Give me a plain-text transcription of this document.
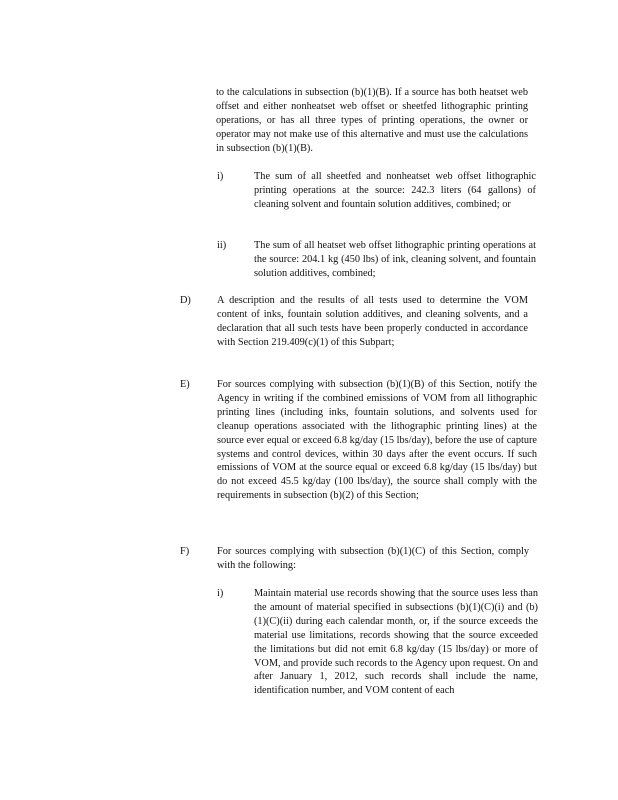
to the calculations in subsection (b)(1)(B). If a source has both heatset web offset and either nonheatset web offset or sheetfed lithographic printing operations, or has all three types of printing operations, the owner or operator may not make use of this alternative and must use the calculations in subsection (b)(1)(B).

i)	The sum of all sheetfed and nonheatset web offset lithographic printing operations at the source: 242.3 liters (64 gallons) of cleaning solvent and fountain solution additives, combined; or

ii)	The sum of all heatset web offset lithographic printing operations at the source: 204.1 kg (450 lbs) of ink, cleaning solvent, and fountain solution additives, combined;

D)	A description and the results of all tests used to determine the VOM content of inks, fountain solution additives, and cleaning solvents, and a declaration that all such tests have been properly conducted in accordance with Section 219.409(c)(1) of this Subpart;

E)	For sources complying with subsection (b)(1)(B) of this Section, notify the Agency in writing if the combined emissions of VOM from all lithographic printing lines (including inks, fountain solutions, and solvents used for cleanup operations associated with the lithographic printing lines) at the source ever equal or exceed 6.8 kg/day (15 lbs/day), before the use of capture systems and control devices, within 30 days after the event occurs. If such emissions of VOM at the source equal or exceed 6.8 kg/day (15 lbs/day) but do not exceed 45.5 kg/day (100 lbs/day), the source shall comply with the requirements in subsection (b)(2) of this Section;

F)	For sources complying with subsection (b)(1)(C) of this Section, comply with the following:

i)	Maintain material use records showing that the source uses less than the amount of material specified in subsections (b)(1)(C)(i) and (b)(1)(C)(ii) during each calendar month, or, if the source exceeds the material use limitations, records showing that the source exceeded the limitations but did not emit 6.8 kg/day (15 lbs/day) or more of VOM, and provide such records to the Agency upon request. On and after January 1, 2012, such records shall include the name, identification number, and VOM content of each
